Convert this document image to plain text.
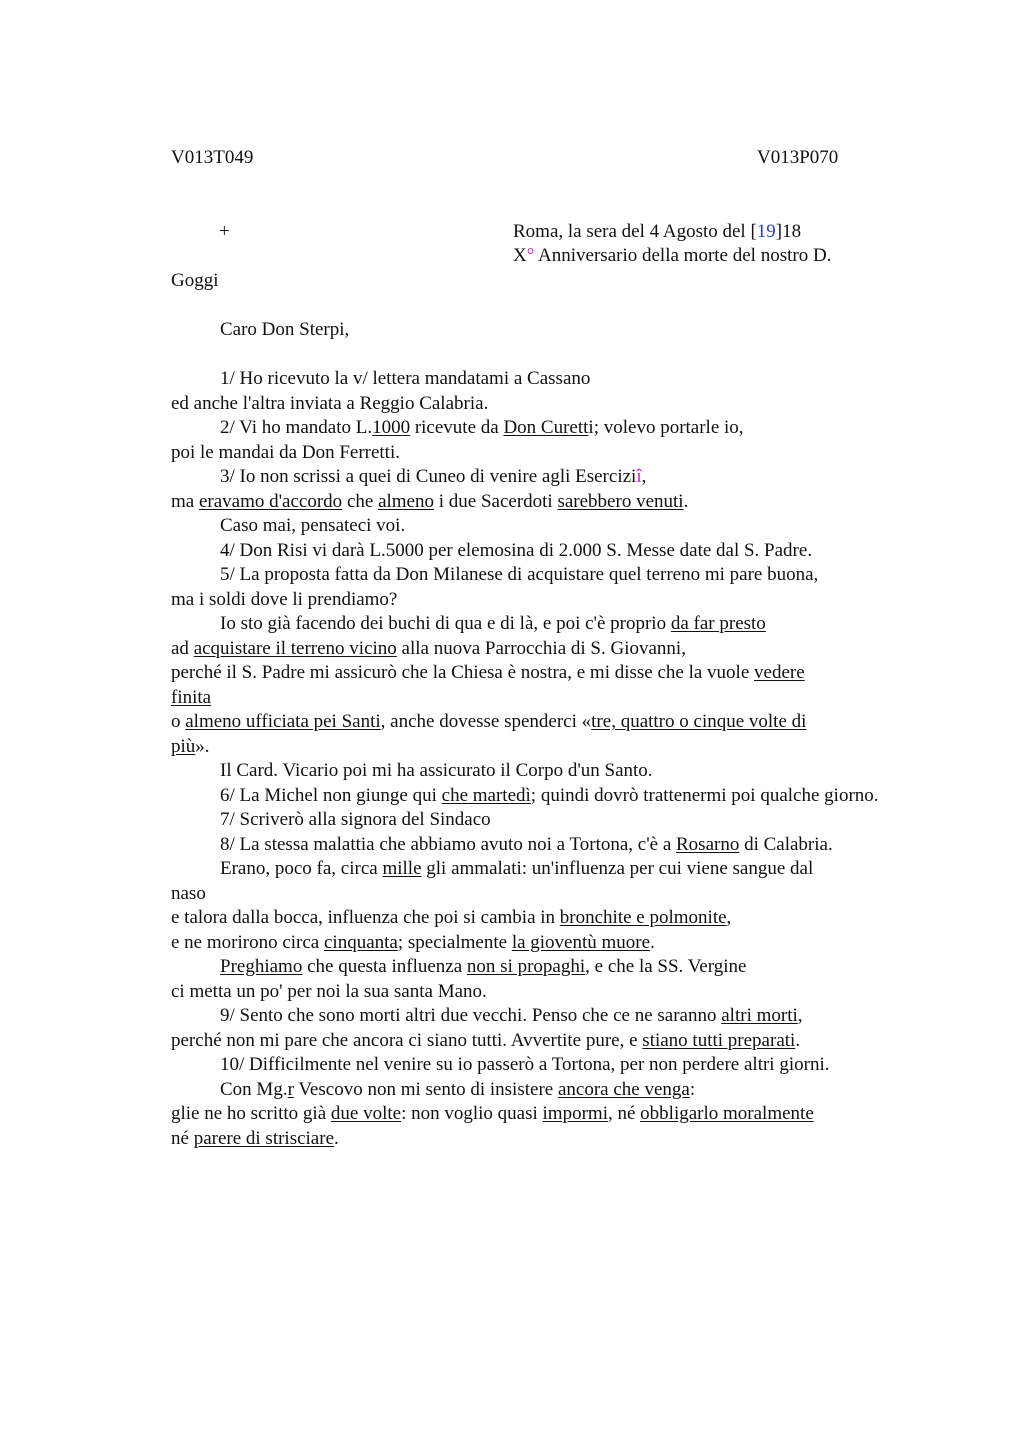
V013T049	V013P070
+	Roma, la sera del 4 Agosto del [19]18
X° Anniversario della morte del nostro D.
Goggi
Caro Don Sterpi,
1/ Ho ricevuto la v/ lettera mandatami a Cassano
ed anche l'altra inviata a Reggio Calabria.
2/ Vi ho mandato L.1000 ricevute da Don Curetti; volevo portarle io,
poi le mandai da Don Ferretti.
3/ Io non scrissi a quei di Cuneo di venire agli Eserciziî,
ma eravamo d'accordo che almeno i due Sacerdoti sarebbero venuti.
Caso mai, pensateci voi.
4/ Don Risi vi darà L.5000 per elemosina di 2.000 S. Messe date dal S. Padre.
5/ La proposta fatta da Don Milanese di acquistare quel terreno mi pare buona,
ma i soldi dove li prendiamo?
Io sto già facendo dei buchi di qua e di là, e poi c'è proprio da far presto
ad acquistare il terreno vicino alla nuova Parrocchia di S. Giovanni,
perché il S. Padre mi assicurò che la Chiesa è nostra, e mi disse che la vuole vedere
finita
o almeno ufficiata pei Santi, anche dovesse spenderci «tre, quattro o cinque volte di
più».
Il Card. Vicario poi mi ha assicurato il Corpo d'un Santo.
6/ La Michel non giunge qui che martedì; quindi dovrò trattenermi poi qualche giorno.
7/ Scriverò alla signora del Sindaco
8/ La stessa malattia che abbiamo avuto noi a Tortona, c'è a Rosarno di Calabria.
Erano, poco fa, circa mille gli ammalati: un'influenza per cui viene sangue dal
naso
e talora dalla bocca, influenza che poi si cambia in bronchite e polmonite,
e ne morirono circa cinquanta; specialmente la gioventù muore.
Preghiamo che questa influenza non si propaghi, e che la SS. Vergine
ci metta un po' per noi la sua santa Mano.
9/ Sento che sono morti altri due vecchi. Penso che ce ne saranno altri morti,
perché non mi pare che ancora ci siano tutti. Avvertite pure, e stiano tutti preparati.
10/ Difficilmente nel venire su io passerò a Tortona, per non perdere altri giorni.
Con Mg.r Vescovo non mi sento di insistere ancora che venga:
glie ne ho scritto già due volte: non voglio quasi impormi, né obbligarlo moralmente
né parere di strisciare.
